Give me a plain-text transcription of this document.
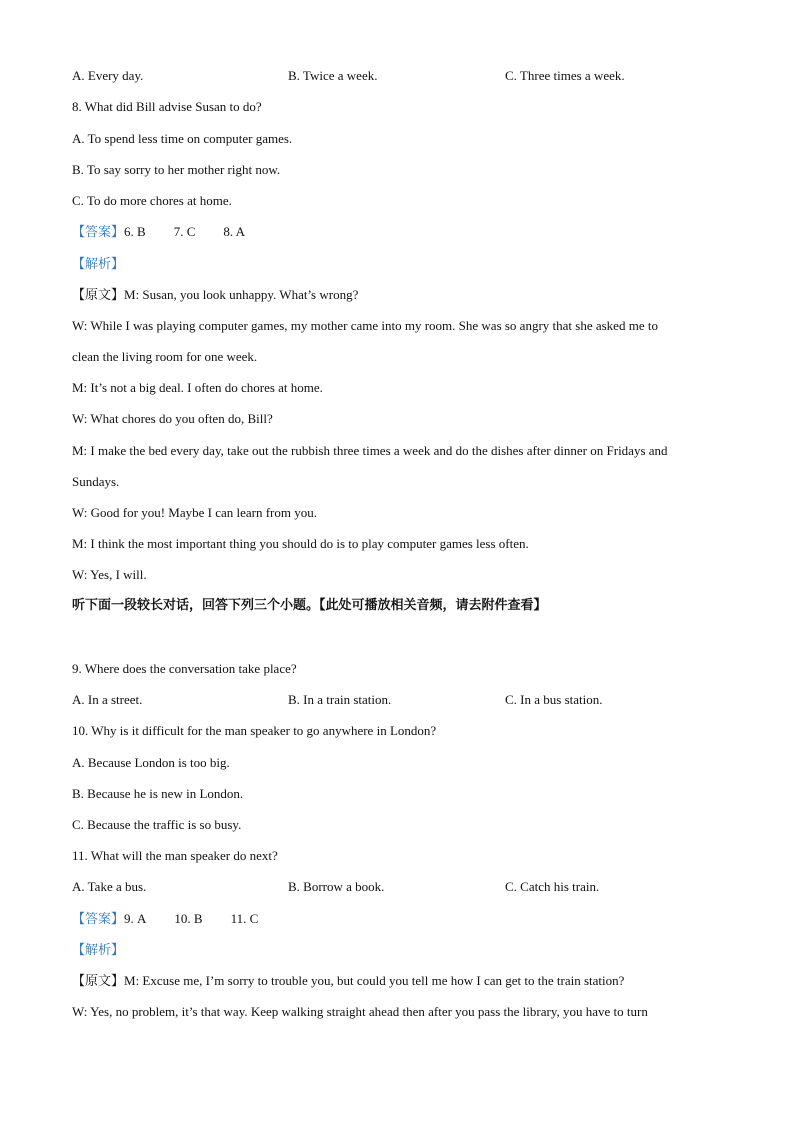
A. Every day.	B. Twice a week.	C. Three times a week.
8. What did Bill advise Susan to do?
A. To spend less time on computer games.
B. To say sorry to her mother right now.
C. To do more chores at home.
【答案】6. B 7. C 8. A
【解析】
【原文】M: Susan, you look unhappy. What’s wrong?
W: While I was playing computer games, my mother came into my room. She was so angry that she asked me to
clean the living room for one week.
M: It’s not a big deal. I often do chores at home.
W: What chores do you often do, Bill?
M: I make the bed every day, take out the rubbish three times a week and do the dishes after dinner on Fridays and
Sundays.
W: Good for you! Maybe I can learn from you.
M: I think the most important thing you should do is to play computer games less often.
W: Yes, I will.
听下面一段较长对话，回答下列三个小题。【此处可播放相关音频，请去附件查看】
9. Where does the conversation take place?
A. In a street.	B. In a train station.	C. In a bus station.
10. Why is it difficult for the man speaker to go anywhere in London?
A. Because London is too big.
B. Because he is new in London.
C. Because the traffic is so busy.
11. What will the man speaker do next?
A. Take a bus.	B. Borrow a book.	C. Catch his train.
【答案】9. A 10. B 11. C
【解析】
【原文】M: Excuse me, I’m sorry to trouble you, but could you tell me how I can get to the train station?
W: Yes, no problem, it’s that way. Keep walking straight ahead then after you pass the library, you have to turn
